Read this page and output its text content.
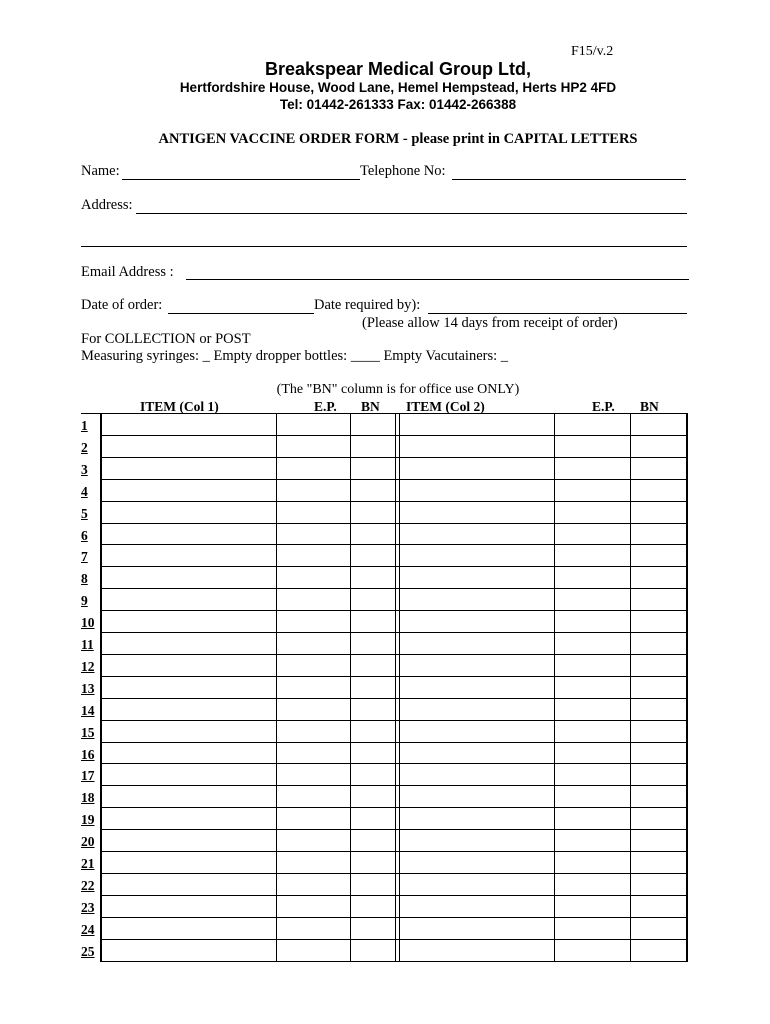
F15/v.2
Breakspear Medical Group Ltd,
Hertfordshire House, Wood Lane, Hemel Hempstead, Herts HP2 4FD
Tel: 01442-261333 Fax: 01442-266388
ANTIGEN VACCINE ORDER FORM - please print in CAPITAL LETTERS
Name:	Telephone No:
Address:
Email Address :
Date of order:	Date required by):
(Please allow 14 days from receipt of order)
For COLLECTION or POST
Measuring syringes: _ Empty dropper bottles: ____ Empty Vacutainers: _
(The "BN" column is for office use ONLY)
ITEM (Col 1)	E.P. BN ITEM (Col 2)	E.P. BN
1
2
3
4
5
6
7
8
9
10
11
12
13
14
15
16
17
18
19
20
21
22
23
24
25
